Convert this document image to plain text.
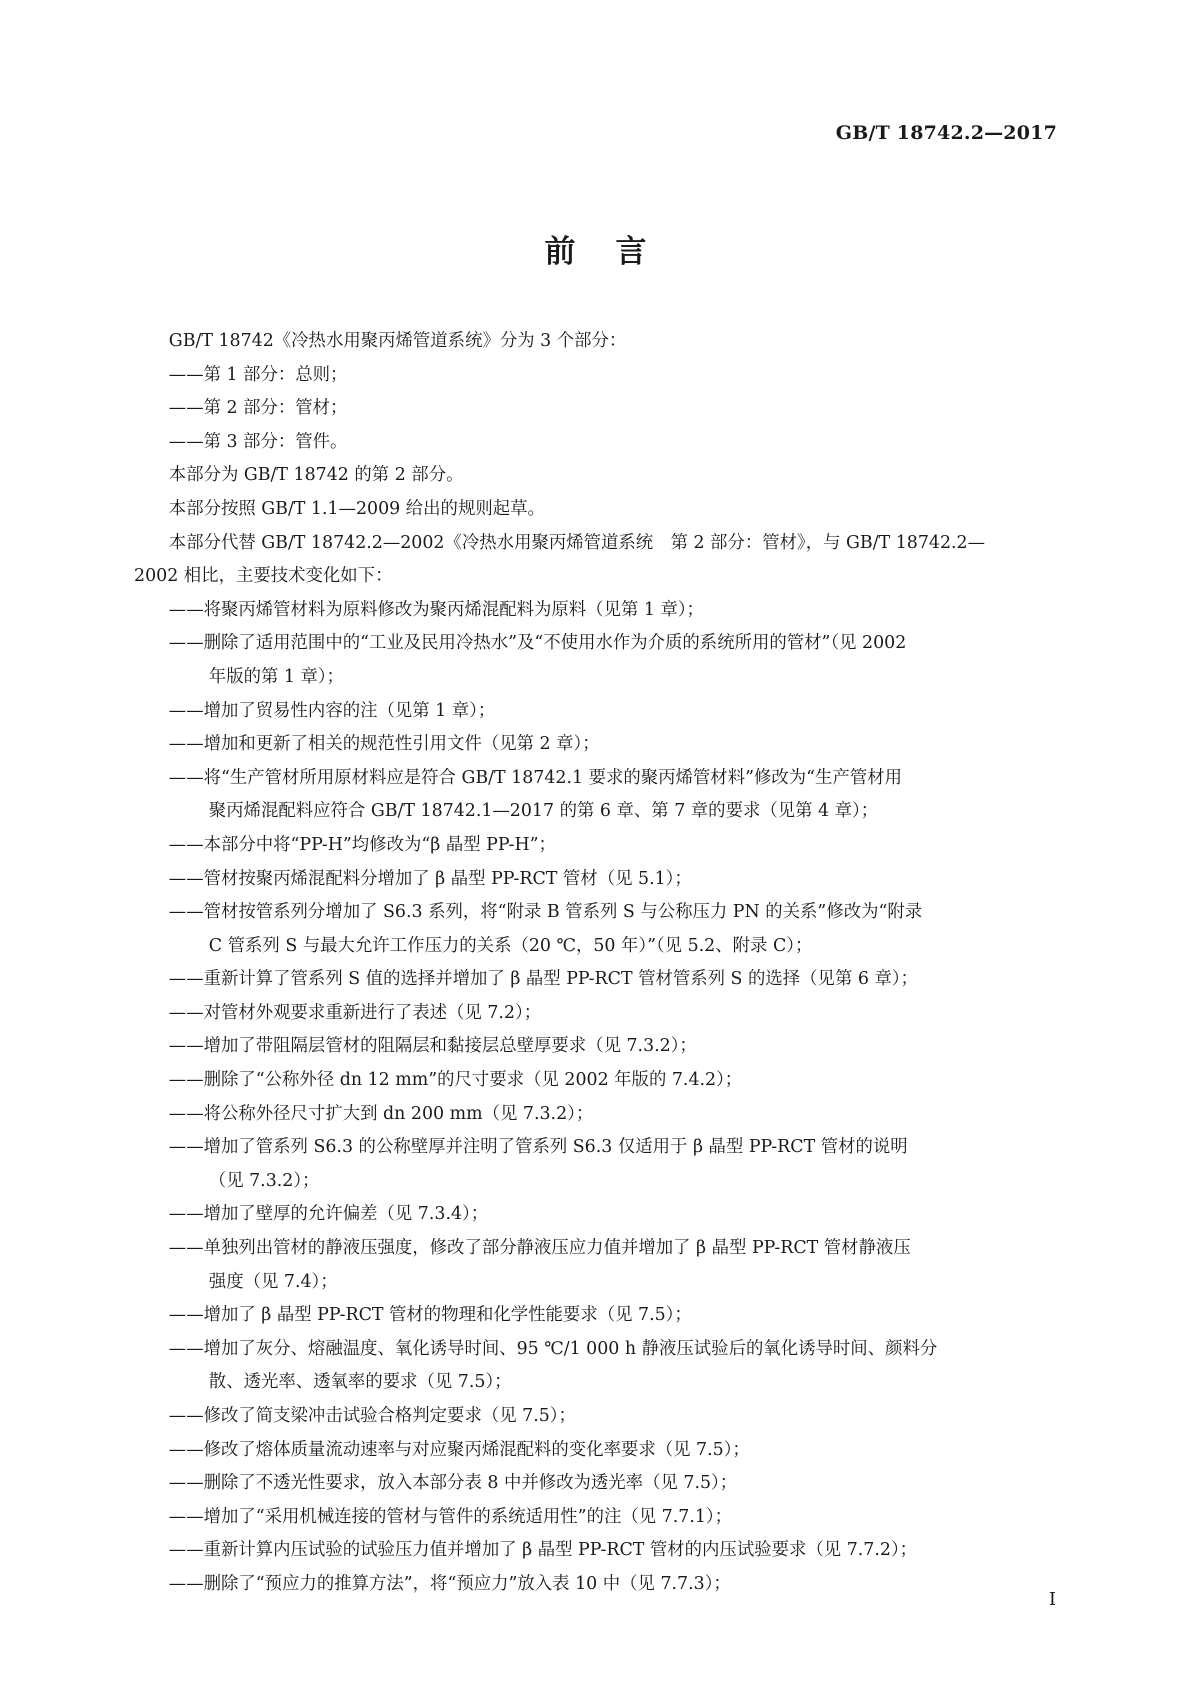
GB/T 18742.2—2017
前言

GB/T 18742《冷热水用聚丙烯管道系统》分为 3 个部分：

——第 1 部分：总则；

——第 2 部分：管材；

——第 3 部分：管件。

本部分为 GB/T 18742 的第 2 部分。

本部分按照 GB/T 1.1—2009 给出的规则起草。

本部分代替 GB/T 18742.2—2002《冷热水用聚丙烯管道系统　第 2 部分：管材》，与 GB/T 18742.2—
2002 相比，主要技术变化如下：

——将聚丙烯管材料为原料修改为聚丙烯混配料为原料（见第 1 章）；
——删除了适用范围中的“工业及民用冷热水”及“不使用水作为介质的系统所用的管材”（见 2002
年版的第 1 章）；
——增加了贸易性内容的注（见第 1 章）；
——增加和更新了相关的规范性引用文件（见第 2 章）；
——将“生产管材所用原材料应是符合 GB/T 18742.1 要求的聚丙烯管材料”修改为“生产管材用
聚丙烯混配料应符合 GB/T 18742.1—2017 的第 6 章、第 7 章的要求（见第 4 章）；
——本部分中将“PP-H”均修改为“β 晶型 PP-H”；
——管材按聚丙烯混配料分增加了 β 晶型 PP-RCT 管材（见 5.1）；
——管材按管系列分增加了 S6.3 系列，将“附录 B 管系列 S 与公称压力 PN 的关系”修改为“附录
C 管系列 S 与最大允许工作压力的关系（20 ℃，50 年）”（见 5.2、附录 C）；
——重新计算了管系列 S 值的选择并增加了 β 晶型 PP-RCT 管材管系列 S 的选择（见第 6 章）；
——对管材外观要求重新进行了表述（见 7.2）；
——增加了带阻隔层管材的阻隔层和黏接层总壁厚要求（见 7.3.2）；
——删除了“公称外径 dn 12 mm”的尺寸要求（见 2002 年版的 7.4.2）；
——将公称外径尺寸扩大到 dn 200 mm（见 7.3.2）；
——增加了管系列 S6.3 的公称壁厚并注明了管系列 S6.3 仅适用于 β 晶型 PP-RCT 管材的说明
（见 7.3.2）；
——增加了壁厚的允许偏差（见 7.3.4）；
——单独列出管材的静液压强度，修改了部分静液压应力值并增加了 β 晶型 PP-RCT 管材静液压
强度（见 7.4）；
——增加了 β 晶型 PP-RCT 管材的物理和化学性能要求（见 7.5）；
——增加了灰分、熔融温度、氧化诱导时间、95 ℃/1 000 h 静液压试验后的氧化诱导时间、颜料分
散、透光率、透氧率的要求（见 7.5）；
——修改了简支梁冲击试验合格判定要求（见 7.5）；
——修改了熔体质量流动速率与对应聚丙烯混配料的变化率要求（见 7.5）；
——删除了不透光性要求，放入本部分表 8 中并修改为透光率（见 7.5）；
——增加了“采用机械连接的管材与管件的系统适用性”的注（见 7.7.1）；
——重新计算内压试验的试验压力值并增加了 β 晶型 PP-RCT 管材的内压试验要求（见 7.7.2）；
——删除了“预应力的推算方法”，将“预应力”放入表 10 中（见 7.7.3）；
I
